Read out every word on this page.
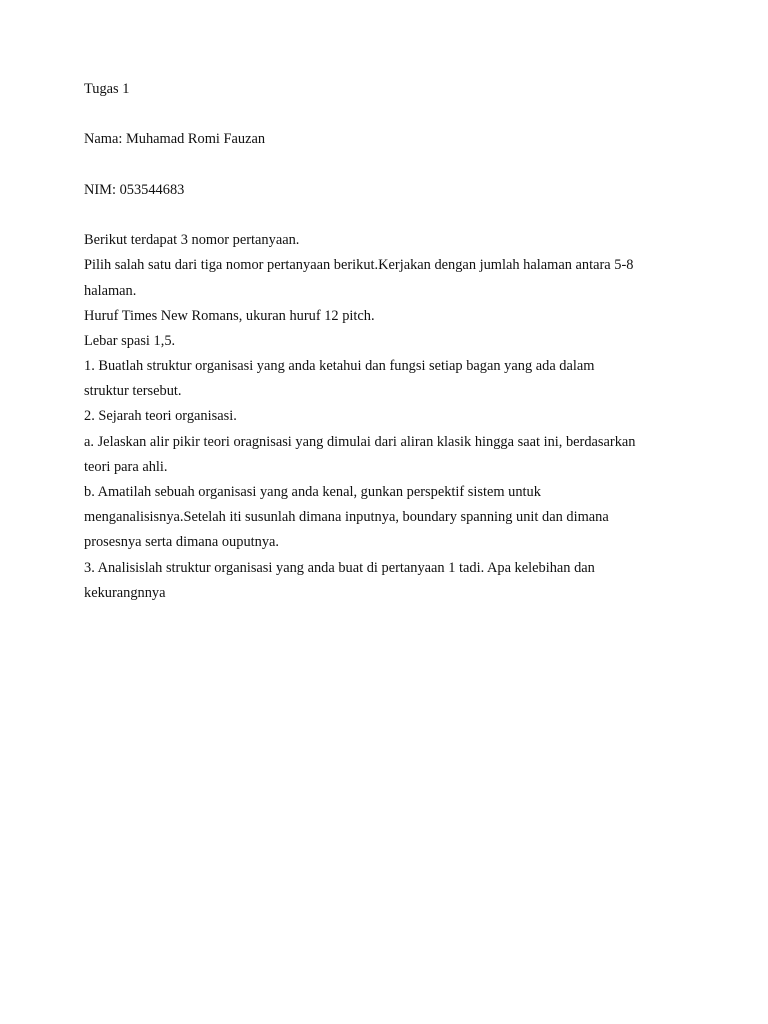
Tugas 1
Nama: Muhamad Romi Fauzan
NIM: 053544683
Berikut terdapat 3 nomor pertanyaan.
Pilih salah satu dari tiga nomor pertanyaan berikut.Kerjakan dengan jumlah halaman antara 5-8
halaman.
Huruf Times New Romans, ukuran huruf 12 pitch.
Lebar spasi 1,5.
1. Buatlah struktur organisasi yang anda ketahui dan fungsi setiap bagan yang ada dalam
struktur tersebut.
2. Sejarah teori organisasi.
a. Jelaskan alir pikir teori oragnisasi yang dimulai dari aliran klasik hingga saat ini, berdasarkan
teori para ahli.
b. Amatilah sebuah organisasi yang anda kenal, gunkan perspektif sistem untuk
menganalisisnya.Setelah iti susunlah dimana inputnya, boundary spanning unit dan dimana
prosesnya serta dimana ouputnya.
3. Analisislah struktur organisasi yang anda buat di pertanyaan 1 tadi. Apa kelebihan dan
kekurangnnya
